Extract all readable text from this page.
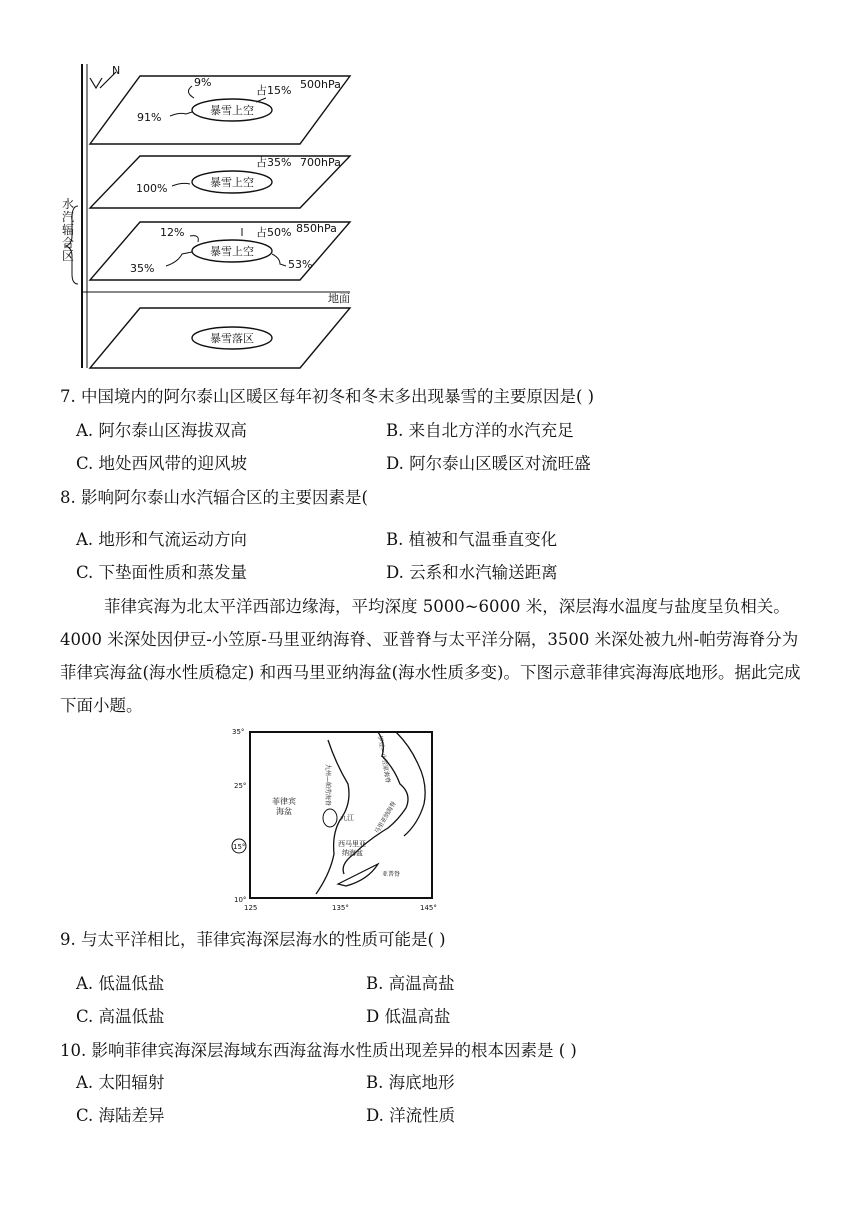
N
水汽辐合区
暴雪上空
500hPa
9%
占15%
91%
暴雪上空
700hPa
占35%
100%
暴雪上空
850hPa
12%	占50%
35%	53%
地面
暴雪落区
7. 中国境内的阿尔泰山区暖区每年初冬和冬末多出现暴雪的主要原因是( )
A. 阿尔泰山区海拔双高	B. 来自北方洋的水汽充足
C. 地处西风带的迎风坡	D. 阿尔泰山区暖区对流旺盛
8. 影响阿尔泰山水汽辐合区的主要因素是(
A. 地形和气流运动方向	B. 植被和气温垂直变化
C. 下垫面性质和蒸发量	D. 云系和水汽输送距离

菲律宾海为北太平洋西部边缘海，平均深度 5000~6000 米，深层海水温度与盐度呈负相关。4000 米深处因伊豆-小笠原-马里亚纳海脊、亚普脊与太平洋分隔，3500 米深处被九州-帕劳海脊分为菲律宾海盆(海水性质稳定) 和西马里亚纳海盆(海水性质多变)。下图示意菲律宾海海底地形。据此完成下面小题。

35°
25°
15°
10°
125	135°	145°
菲律宾海盆
西马里亚纳海盆
九江
亚普脊
九州—帕劳海脊
伊豆—小笠原海脊
马里亚纳海脊
9. 与太平洋相比，菲律宾海深层海水的性质可能是( )
A. 低温低盐	B. 高温高盐
C. 高温低盐	D 低温高盐
10. 影响菲律宾海深层海域东西海盆海水性质出现差异的根本因素是 ( )
A. 太阳辐射	B. 海底地形
C. 海陆差异	D. 洋流性质
